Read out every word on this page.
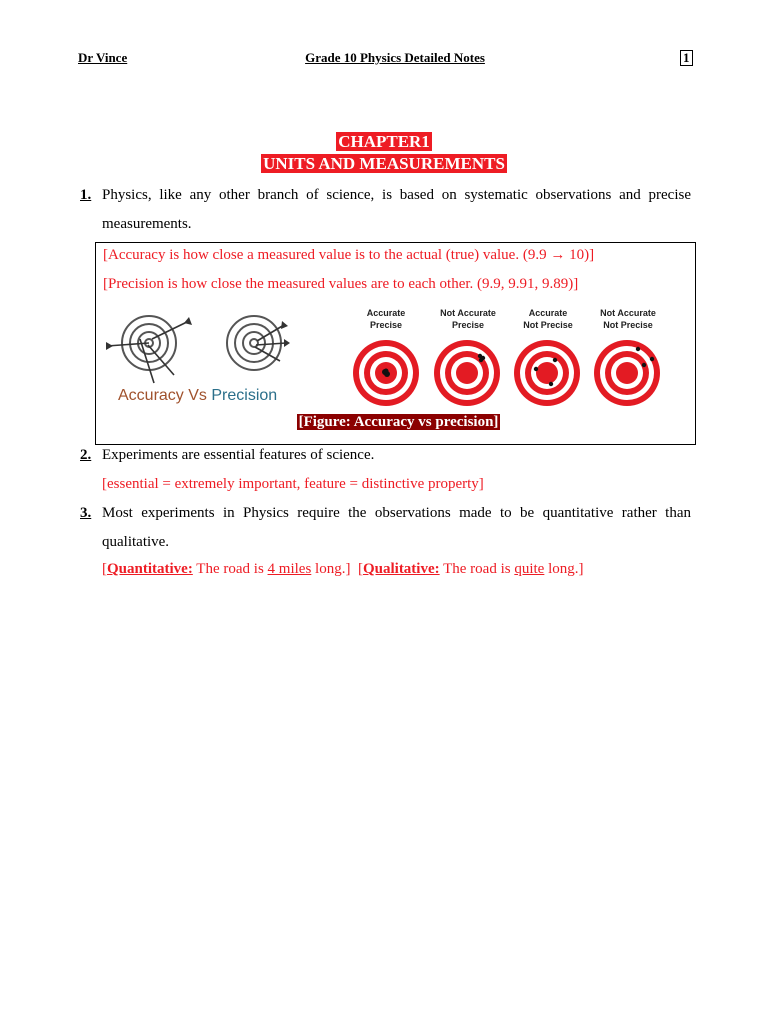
Dr Vince	Grade 10 Physics Detailed Notes	1
CHAPTER1
UNITS AND MEASUREMENTS
1. Physics, like any other branch of science, is based on systematic observations and precise measurements.
[Accuracy is how close a measured value is to the actual (true) value. (9.9 → 10)]
[Precision is how close the measured values are to each other. (9.9, 9.91, 9.89)]
Accuracy Vs Precision
Accurate
Precise
Not Accurate
Precise
Accurate
Not Precise
Not Accurate
Not Precise
[Figure: Accuracy vs precision]
2. Experiments are essential features of science.
[essential = extremely important, feature = distinctive property]
3. Most experiments in Physics require the observations made to be quantitative rather than qualitative.
[Quantitative: The road is 4 miles long.] [Qualitative: The road is quite long.]
